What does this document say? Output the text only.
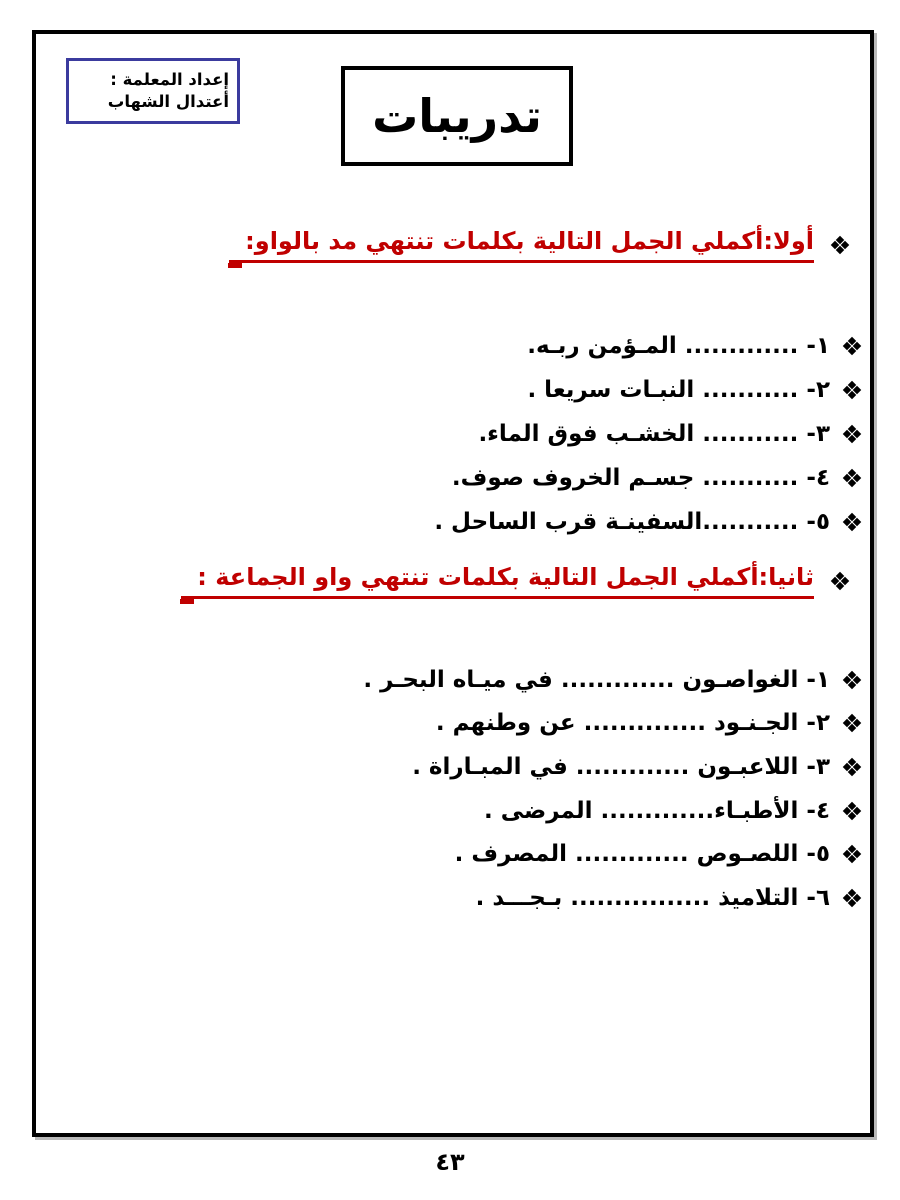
إعداد المعلمة :
أعتدال الشهاب	تدريبات
أولا:أكملي الجمل التالية بكلمات تنتهي مد بالواو:
١- ............. المـؤمن ربـه.
٢- ........... النبـات سريعا .
٣- ........... الخشـب فوق الماء.
٤- ........... جسـم الخروف صوف.
٥- ...........السفينـة قرب الساحل .
ثانيا:أكملي الجمل التالية بكلمات تنتهي واو الجماعة :
١- الغواصـون ............. في ميـاه البحـر .
٢- الجـنـود .............. عن وطنهم .
٣- اللاعبـون ............. في المبـاراة .
٤- الأطبـاء............. المرضى .
٥- اللصـوص ............. المصرف .
٦- التلاميذ ................ بـجـــد .
٤٣
